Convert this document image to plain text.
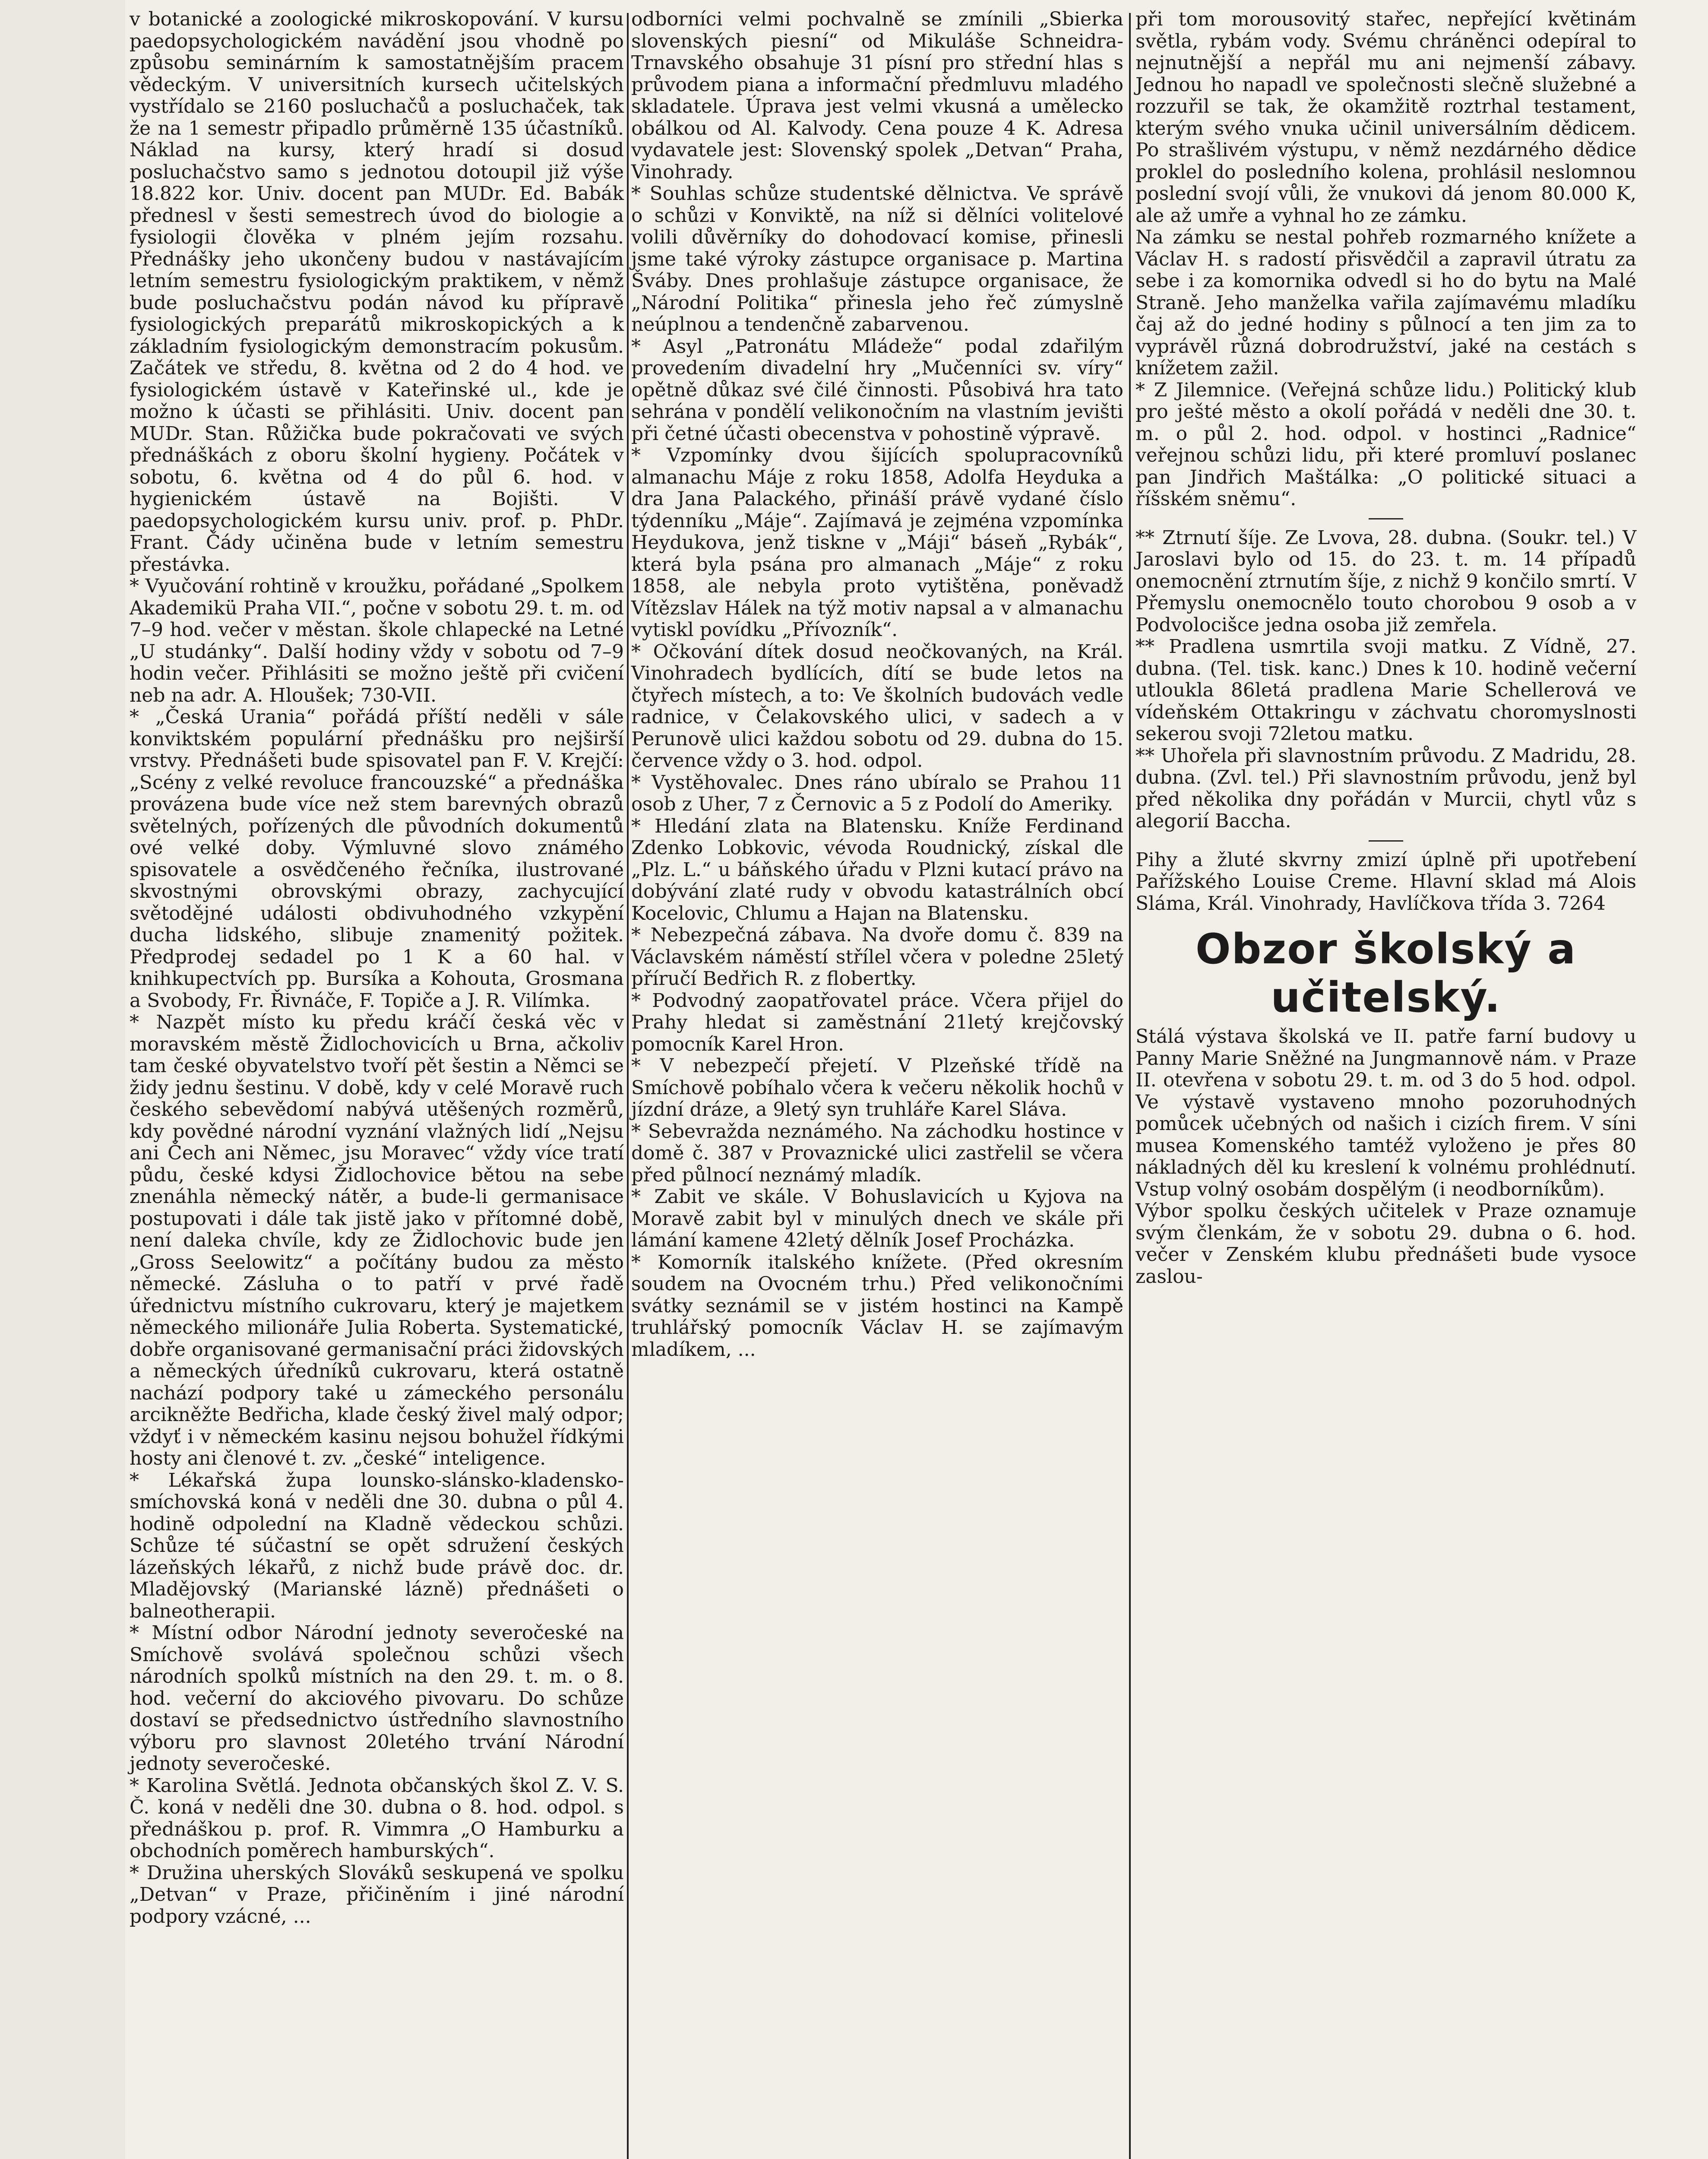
v botanické a zoologické mikroskopování. V kursu paedopsychologickém navádění jsou vhodně po způsobu seminárním k samostatnějším pracem vědeckým. V universitních kursech učitelských vystřídalo se 2160 posluchačů a posluchaček, tak že na 1 semestr připadlo průměrně 135 účastníků. Náklad na kursy, který hradí si dosud posluchačstvo samo s jednotou dotoupil již výše 18.822 kor. Univ. docent pan MUDr. Ed. Babák přednesl v šesti semestrech úvod do biologie a fysiologii člověka v plném jejím rozsahu. Přednášky jeho ukončeny budou v nastávajícím letním semestru fysiologickým praktikem, v němž bude posluchačstvu podán návod ku přípravě fysiologických preparátů mikroskopických a k základním fysiologickým demonstracím pokusům. Začátek ve středu, 8. května od 2 do 4 hod. ve fysiologickém ústavě v Kateřinské ul., kde je možno k účasti se přihlásiti. Univ. docent pan MUDr. Stan. Růžička bude pokračovati ve svých přednáškách z oboru školní hygieny. Počátek v sobotu, 6. května od 4 do půl 6. hod. v hygienickém ústavě na Bojišti. V paedopsychologickém kursu univ. prof. p. PhDr. Frant. Čády učiněna bude v letním semestru přestávka.

* Vyučování rohtině v kroužku, pořádané „Spolkem Akademikü Praha VII.“, počne v sobotu 29. t. m. od 7–9 hod. večer v městan. škole chlapecké na Letné „U studánky“. Další hodiny vždy v sobotu od 7–9 hodin večer. Přihlásiti se možno ještě při cvičení neb na adr. A. Hloušek; 730-VII.

* „Česká Urania“ pořádá příští neděli v sále konviktském populární přednášku pro nejširší vrstvy. Přednášeti bude spisovatel pan F. V. Krejčí: „Scény z velké revoluce francouzské“ a přednáška provázena bude více než stem barevných obrazů světelných, pořízených dle původních dokumentů ové velké doby. Výmluvné slovo známého spisovatele a osvědčeného řečníka, ilustrované skvostnými obrovskými obrazy, zachycující světodějné události obdivuhodného vzkypění ducha lidského, slibuje znamenitý požitek. Předprodej sedadel po 1 K a 60 hal. v knihkupectvích pp. Bursíka a Kohouta, Grosmana a Svobody, Fr. Řivnáče, F. Topiče a J. R. Vilímka.

* Nazpět místo ku předu kráčí česká věc v moravském městě Židlochovicích u Brna, ačkoliv tam české obyvatelstvo tvoří pět šestin a Němci se židy jednu šestinu. V době, kdy v celé Moravě ruch českého sebevědomí nabývá utěšených rozměrů, kdy povědné národní vyznání vlažných lidí „Nejsu ani Čech ani Němec, jsu Moravec“ vždy více tratí půdu, české kdysi Židlochovice bětou na sebe znenáhla německý nátěr, a bude-li germanisace postupovati i dále tak jistě jako v přítomné době, není daleka chvíle, kdy ze Židlochovic bude jen „Gross Seelowitz“ a počítány budou za město německé. Zásluha o to patří v prvé řadě úřednictvu místního cukrovaru, který je majetkem německého milionáře Julia Roberta. Systematické, dobře organisované germanisační práci židovských a německých úředníků cukrovaru, která ostatně nachází podpory také u zámeckého personálu arcikněžte Bedřicha, klade český živel malý odpor; vždyť i v německém kasinu nejsou bohužel řídkými hosty ani členové t. zv. „české“ inteligence.

* Lékařská župa lounsko-slánsko-kladensko-smíchovská koná v neděli dne 30. dubna o půl 4. hodině odpolední na Kladně vědeckou schůzi. Schůze té súčastní se opět sdružení českých lázeňských lékařů, z nichž bude právě doc. dr. Mladějovský (Marianské lázně) přednášeti o balneotherapii.

* Místní odbor Národní jednoty severočeské na Smíchově svolává společnou schůzi všech národních spolků místních na den 29. t. m. o 8. hod. večerní do akciového pivovaru. Do schůze dostaví se předsednictvo ústředního slavnostního výboru pro slavnost 20letého trvání Národní jednoty severočeské.

* Karolina Světlá. Jednota občanských škol Z. V. S. Č. koná v neděli dne 30. dubna o 8. hod. odpol. s přednáškou p. prof. R. Vimmra „O Hamburku a obchodních poměrech hamburských“.

* Družina uherských Slováků seskupená ve spolku „Detvan“ v Praze, přičiněním i jiné národní podpory vzácné, ...

odborníci velmi pochvalně se zmínili „Sbierka slovenských piesní“ od Mikuláše Schneidra-Trnavského obsahuje 31 písní pro střední hlas s průvodem piana a informační předmluvu mladého skladatele. Úprava jest velmi vkusná a umělecko obálkou od Al. Kalvody. Cena pouze 4 K. Adresa vydavatele jest: Slovenský spolek „Detvan“ Praha, Vinohrady.

* Souhlas schůze studentské dělnictva. Ve správě o schůzi v Konviktě, na níž si dělníci volitelové volili důvěrníky do dohodovací komise, přinesli jsme také výroky zástupce organisace p. Martina Šváby. Dnes prohlašuje zástupce organisace, že „Národní Politika“ přinesla jeho řeč zúmyslně neúplnou a tendenčně zabarvenou.

* Asyl „Patronátu Mládeže“ podal zdařilým provedením divadelní hry „Mučenníci sv. víry“ opětně důkaz své čilé činnosti. Působivá hra tato sehrána v pondělí velikonočním na vlastním jevišti při četné účasti obecenstva v pohostině výpravě.

* Vzpomínky dvou šijících spolupracovníků almanachu Máje z roku 1858, Adolfa Heyduka a dra Jana Palackého, přináší právě vydané číslo týdenníku „Máje“. Zajímavá je zejména vzpomínka Heydukova, jenž tiskne v „Máji“ báseň „Rybák“, která byla psána pro almanach „Máje“ z roku 1858, ale nebyla proto vytištěna, poněvadž Vítězslav Hálek na týž motiv napsal a v almanachu vytiskl povídku „Přívozník“.

* Očkování dítek dosud neočkovaných, na Král. Vinohradech bydlících, dítí se bude letos na čtyřech místech, a to: Ve školních budovách vedle radnice, v Čelakovského ulici, v sadech a v Perunově ulici každou sobotu od 29. dubna do 15. července vždy o 3. hod. odpol.

* Vystěhovalec. Dnes ráno ubíralo se Prahou 11 osob z Uher, 7 z Černovic a 5 z Podolí do Ameriky.

* Hledání zlata na Blatensku. Kníže Ferdinand Zdenko Lobkovic, vévoda Roudnický, získal dle „Plz. L.“ u báňského úřadu v Plzni kutací právo na dobývání zlaté rudy v obvodu katastrálních obcí Kocelovic, Chlumu a Hajan na Blatensku.

* Nebezpečná zábava. Na dvoře domu č. 839 na Václavském náměstí střílel včera v poledne 25letý příručí Bedřich R. z flobertky.

* Podvodný zaopatřovatel práce. Včera přijel do Prahy hledat si zaměstnání 21letý krejčovský pomocník Karel Hron.

* V nebezpečí přejetí. V Plzeňské třídě na Smíchově pobíhalo včera k večeru několik hochů v jízdní dráze, a 9letý syn truhláře Karel Sláva.

* Sebevražda neznámého. Na záchodku hostince v domě č. 387 v Provaznické ulici zastřelil se včera před půlnocí neznámý mladík.

* Zabit ve skále. V Bohuslavicích u Kyjova na Moravě zabit byl v minulých dnech ve skále při lámání kamene 42letý dělník Josef Procházka.

* Komorník italského knížete. (Před okresním soudem na Ovocném trhu.) Před velikonočními svátky seznámil se v jistém hostinci na Kampě truhlářský pomocník Václav H. se zajímavým mladíkem, ...

při tom morousovitý stařec, nepřející květinám světla, rybám vody. Svému chráněnci odepíral to nejnutnější a nepřál mu ani nejmenší zábavy. Jednou ho napadl ve společnosti slečně služebné a rozzuřil se tak, že okamžitě roztrhal testament, kterým svého vnuka učinil universálním dědicem. Po strašlivém výstupu, v němž nezdárného dědice proklel do posledního kolena, prohlásil neslomnou poslední svojí vůli, že vnukovi dá jenom 80.000 K, ale až umře a vyhnal ho ze zámku.

Na zámku se nestal pohřeb rozmarného knížete a Václav H. s radostí přisvědčil a zapravil útratu za sebe i za komornika odvedl si ho do bytu na Malé Straně. Jeho manželka vařila zajímavému mladíku čaj až do jedné hodiny s půlnocí a ten jim za to vyprávěl různá dobrodružství, jaké na cestách s knížetem zažil.

* Z Jilemnice. (Veřejná schůze lidu.) Politický klub pro ješté město a okolí pořádá v neděli dne 30. t. m. o půl 2. hod. odpol. v hostinci „Radnice“ veřejnou schůzi lidu, při které promluví poslanec pan Jindřich Maštálka: „O politické situaci a říšském sněmu“.

** Ztrnutí šíje. Ze Lvova, 28. dubna. (Soukr. tel.) V Jaroslavi bylo od 15. do 23. t. m. 14 případů onemocnění ztrnutím šíje, z nichž 9 končilo smrtí. V Přemyslu onemocnělo touto chorobou 9 osob a v Podvolocišce jedna osoba již zemřela.

** Pradlena usmrtila svoji matku. Z Vídně, 27. dubna. (Tel. tisk. kanc.) Dnes k 10. hodině večerní utloukla 86letá pradlena Marie Schellerová ve vídeňském Ottakringu v záchvatu choromyslnosti sekerou svoji 72letou matku.

** Uhořela při slavnostním průvodu. Z Madridu, 28. dubna. (Zvl. tel.) Při slavnostním průvodu, jenž byl před několika dny pořádán v Murcii, chytl vůz s alegorií Baccha.

Pihy a žluté skvrny zmizí úplně při upotřebení Pařížského Louise Creme. Hlavní sklad má Alois Sláma, Král. Vinohrady, Havlíčkova třída 3. 7264

Obzor školský a učitelský.

Stálá výstava školská ve II. patře farní budovy u Panny Marie Sněžné na Jungmannově nám. v Praze II. otevřena v sobotu 29. t. m. od 3 do 5 hod. odpol. Ve výstavě vystaveno mnoho pozoruhodných pomůcek učebných od našich i cizích firem. V síni musea Komenského tamtéž vyloženo je přes 80 nákladných děl ku kreslení k volnému prohlédnutí. Vstup volný osobám dospělým (i neodborníkům).

Výbor spolku českých učitelek v Praze oznamuje svým členkám, že v sobotu 29. dubna o 6. hod. večer v Zenském klubu přednášeti bude vysoce zaslou-
